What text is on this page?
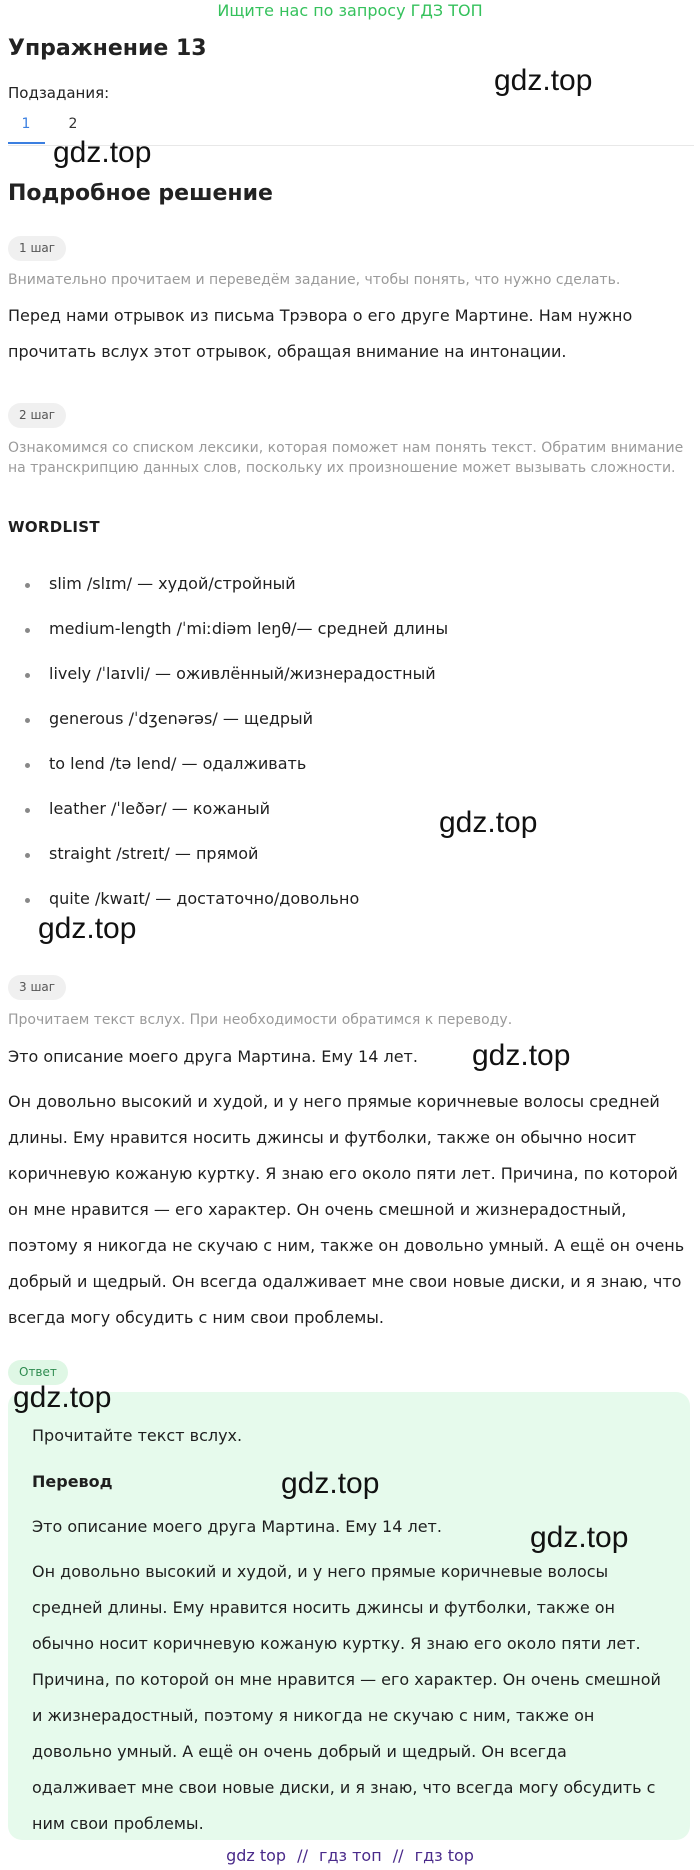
Ищите нас по запросу ГДЗ ТОП
Упражнение 13
Подзадания:
1	2
Подробное решение
1 шаг
Внимательно прочитаем и переведём задание, чтобы понять, что нужно сделать.
Перед нами отрывок из письма Трэвора о его друге Мартине. Нам нужно прочитать вслух этот отрывок, обращая внимание на интонации.
2 шаг
Ознакомимся со списком лексики, которая поможет нам понять текст. Обратим внимание на транскрипцию данных слов, поскольку их произношение может вызывать сложности.
WORDLIST
slim /slɪm/ — худой/стройный
medium-length /ˈmiːdiəm leŋθ/— средней длины
lively /ˈlaɪvli/ — оживлённый/жизнерадостный
generous /ˈdʒenərəs/ — щедрый
to lend /tə lend/ — одалживать
leather /ˈleðər/ — кожаный
straight /streɪt/ — прямой
quite /kwaɪt/ — достаточно/довольно
3 шаг
Прочитаем текст вслух. При необходимости обратимся к переводу.
Это описание моего друга Мартина. Ему 14 лет.
Он довольно высокий и худой, и у него прямые коричневые волосы средней длины. Ему нравится носить джинсы и футболки, также он обычно носит коричневую кожаную куртку. Я знаю его около пяти лет. Причина, по которой он мне нравится — его характер. Он очень смешной и жизнерадостный, поэтому я никогда не скучаю с ним, также он довольно умный. А ещё он очень добрый и щедрый. Он всегда одалживает мне свои новые диски, и я знаю, что всегда могу обсудить с ним свои проблемы.
Ответ
Прочитайте текст вслух.
Перевод
Это описание моего друга Мартина. Ему 14 лет.
Он довольно высокий и худой, и у него прямые коричневые волосы средней длины. Ему нравится носить джинсы и футболки, также он обычно носит коричневую кожаную куртку. Я знаю его около пяти лет. Причина, по которой он мне нравится — его характер. Он очень смешной и жизнерадостный, поэтому я никогда не скучаю с ним, также он довольно умный. А ещё он очень добрый и щедрый. Он всегда одалживает мне свои новые диски, и я знаю, что всегда могу обсудить с ним свои проблемы.
gdz.top
gdz.top
gdz.top
gdz.top
gdz.top
gdz.top
gdz.top
gdz.top
gdz top // гдз топ // гдз top
